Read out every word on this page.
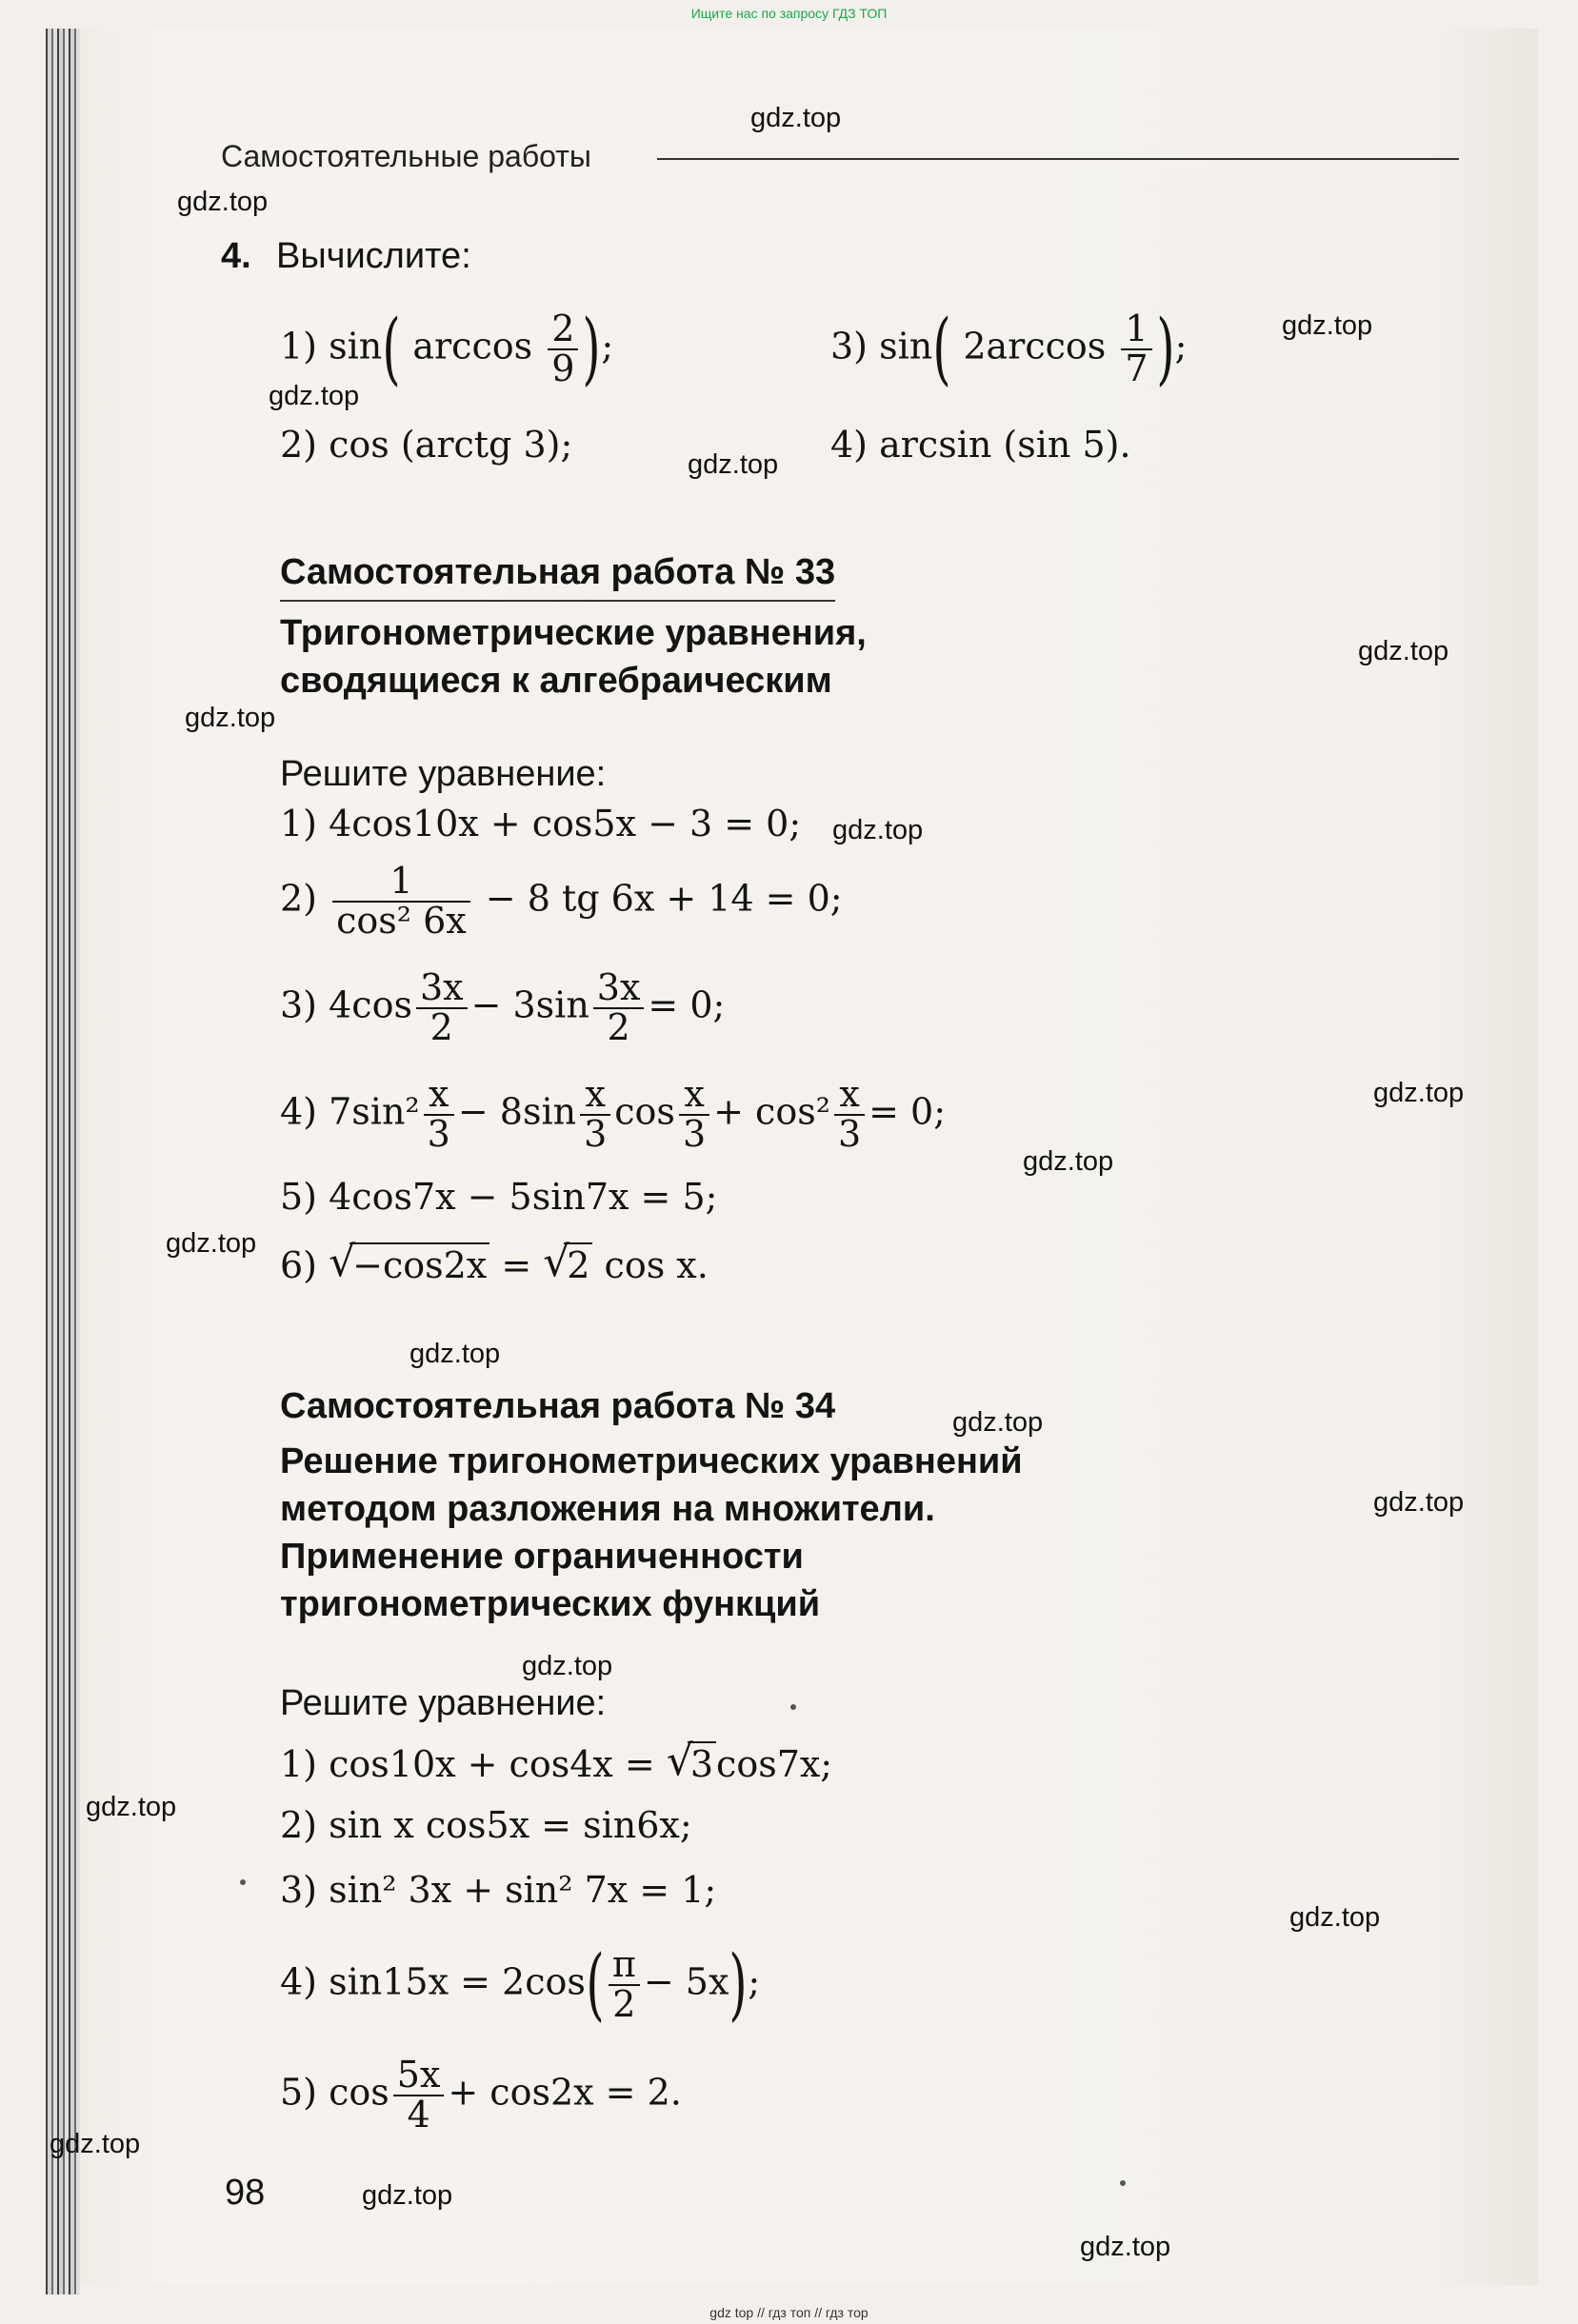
Ищите нас по запросу ГДЗ ТОП
Самостоятельные работы
4. Вычислите:
1) sin( $\arccos \frac{2}{9}$ );	3) sin( $2\arccos \frac{1}{7}$ );
2) cos (arctg 3);	4) arcsin (sin 5).
Самостоятельная работа № 33
Тригонометрические уравнения,
сводящиеся к алгебраическим
Решите уравнение:
1) 4cos10x + cos5x − 3 = 0;
$2) \frac{1}{\text{cos² 6x}} - 8$ tg 6x + 14 = 0;
3) $4\cos \frac{3x}{2} - 3\sin \frac{3x}{2} = 0$;
4) $7\sin^2 \frac{x}{3} - 8\sin \frac{x}{3}$ $\cos \frac{x}{3} + \cos^2 \frac{x}{3} = 0$;
5) 4cos7x − 5sin7x = 5;
6) √ −cos2x = √ 2 cos x.
Самостоятельная работа № 34
Решение тригонометрических уравнений
методом разложения на множители.
Применение ограниченности
тригонометрических функций
Решите уравнение:
1) cos10x + cos4x = √ 3cos7x;
2) sin x cos5x = sin6x;
3) sin² 3x + sin² 7x = 1;
4) $\sin 15x = 2\cos( \frac{\pi}{2} - 5x)$;
5) $\cos \frac{5x}{4} + \cos 2x = 2$.
98
gdz.top
gdz.top
gdz.top
gdz.top
gdz.top
gdz.top
gdz.top
gdz.top
gdz.top
gdz.top
gdz.top
gdz.top
gdz.top
gdz.top
gdz.top
gdz.top
gdz.top
gdz.top
gdz.top
gdz.top
gdz top // гдз топ // гдз тор
